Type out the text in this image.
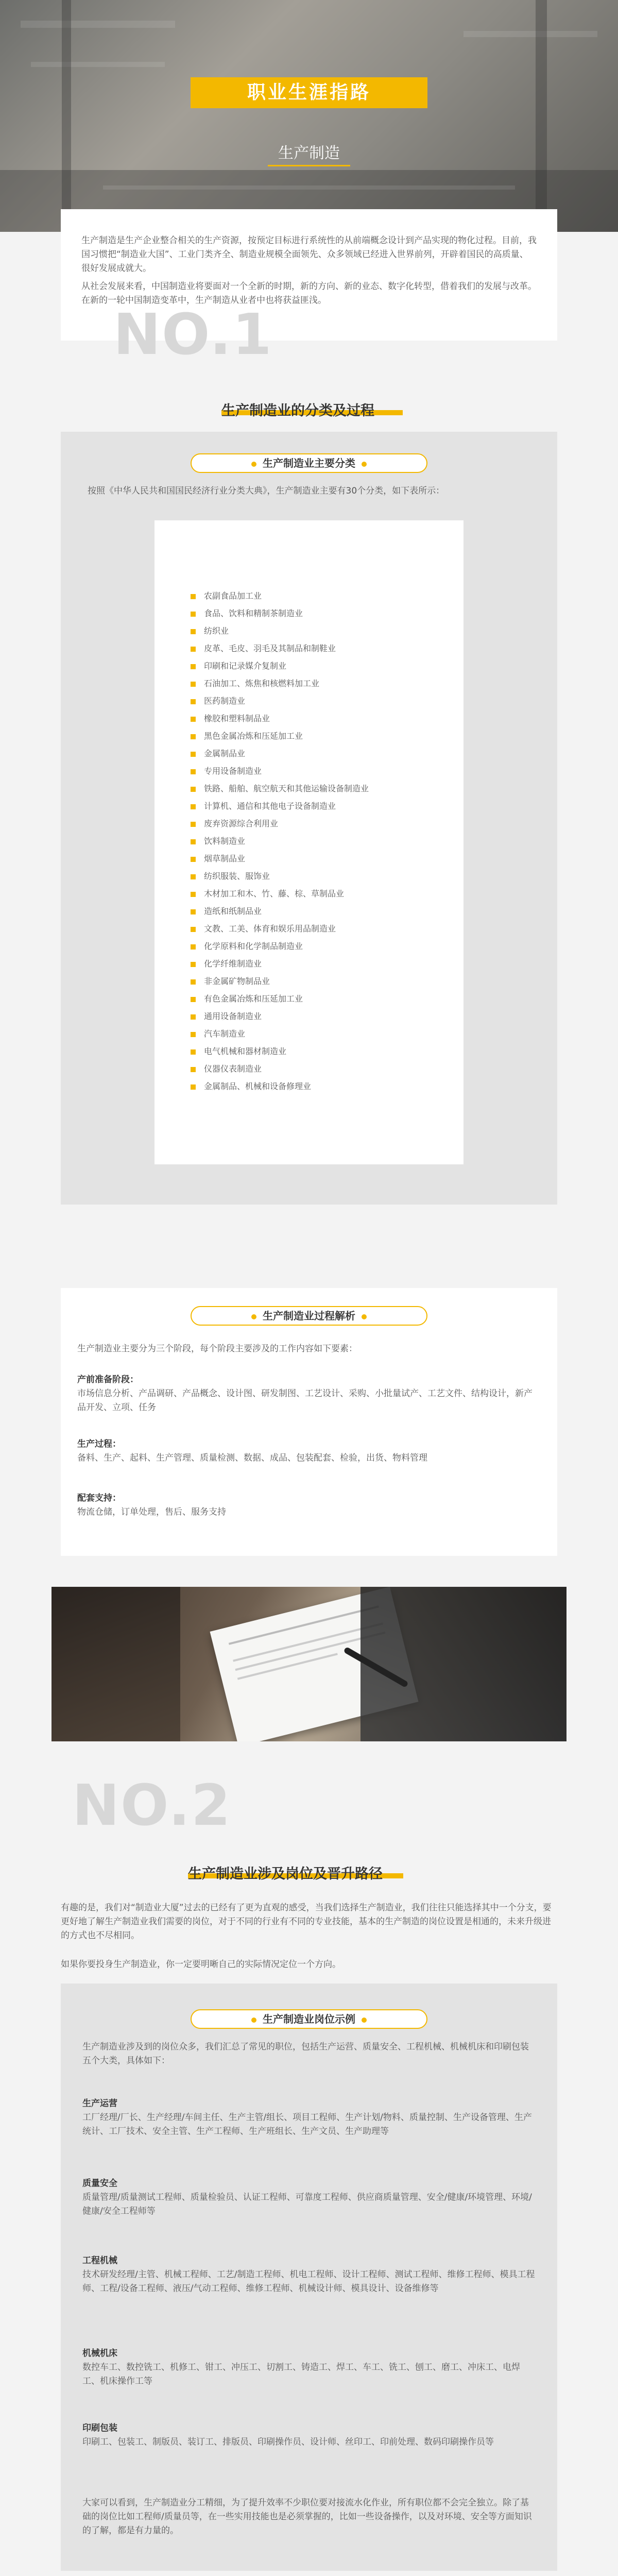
职业生涯指路
生产制造

生产制造是生产企业整合相关的生产资源，按预定目标进行系统性的从前端概念设计到产品实现的物化过程。目前，我国习惯把“制造业大国”、工业门类齐全、制造业规模全面领先、众多领域已经进入世界前列，开辟着国民的高质量、很好发展成就大。

从社会发展来看，中国制造业将要面对一个全新的时期，新的方向、新的业态、数字化转型，借着我们的发展与改革。在新的一轮中国制造变革中，生产制造从业者中也将获益匪浅。

NO.1
生产制造业的分类及过程
生产制造业主要分类
按照《中华人民共和国国民经济行业分类大典》，生产制造业主要有30个分类，如下表所示：
农副食品加工业
食品、饮料和精制茶制造业
纺织业
皮革、毛皮、羽毛及其制品和制鞋业
印刷和记录媒介复制业
石油加工、炼焦和核燃料加工业
医药制造业
橡胶和塑料制品业
黑色金属冶炼和压延加工业
金属制品业
专用设备制造业
铁路、船舶、航空航天和其他运输设备制造业
计算机、通信和其他电子设备制造业
废弃资源综合利用业
饮料制造业
烟草制品业
纺织服装、服饰业
木材加工和木、竹、藤、棕、草制品业
造纸和纸制品业
文教、工美、体育和娱乐用品制造业
化学原料和化学制品制造业
化学纤维制造业
非金属矿物制品业
有色金属冶炼和压延加工业
通用设备制造业
汽车制造业
电气机械和器材制造业
仪器仪表制造业
金属制品、机械和设备修理业
生产制造业过程解析
生产制造业主要分为三个阶段，每个阶段主要涉及的工作内容如下要素：
产前准备阶段：
市场信息分析、产品调研、产品概念、设计图、研发制图、工艺设计、采购、小批量试产、工艺文件、结构设计，新产品开发、立项、任务
生产过程：
备料、生产、起料、生产管理、质量检测、数据、成品、包装配套、检验，出货、物料管理
配套支持：
物流仓储，订单处理，售后、服务支持
NO.2
生产制造业涉及岗位及晋升路径
有趣的是，我们对“制造业大厦”过去的已经有了更为直观的感受，当我们选择生产制造业，我们往往只能选择其中一个分支，要更好地了解生产制造业我们需要的岗位，对于不同的行业有不同的专业技能，基本的生产制造的岗位设置是相通的，未来升级进的方式也不尽相同。
如果你要投身生产制造业，你一定要明晰自己的实际情况定位一个方向。
生产制造业岗位示例
生产制造业涉及到的岗位众多，我们汇总了常见的职位，包括生产运营、质量安全、工程机械、机械机床和印刷包装五个大类，具体如下：
生产运营
工厂经理/厂长、生产经理/车间主任、生产主管/组长、项目工程师、生产计划/物料、质量控制、生产设备管理、生产统计、工厂技术、安全主管、生产工程师、生产班组长、生产文员、生产助理等
质量安全
质量管理/质量测试工程师、质量检验员、认证工程师、可靠度工程师、供应商质量管理、安全/健康/环境管理、环境/健康/安全工程师等
工程机械
技术研发经理/主管、机械工程师、工艺/制造工程师、机电工程师、设计工程师、测试工程师、维修工程师、模具工程师、工程/设备工程师、液压/气动工程师、维修工程师、机械设计师、模具设计、设备维修等
机械机床
数控车工、数控铣工、机修工、钳工、冲压工、切割工、铸造工、焊工、车工、铣工、刨工、磨工、冲床工、电焊工、机床操作工等
印刷包装
印刷工、包装工、制版员、装订工、排版员、印刷操作员、设计师、丝印工、印前处理、数码印刷操作员等
大家可以看到，生产制造业分工精细，为了提升效率不少职位要对接流水化作业，所有职位都不会完全独立。除了基础的岗位比如工程师/质量员等，在一些实用技能也是必须掌握的，比如一些设备操作，以及对环境、安全等方面知识的了解，都是有力量的。
